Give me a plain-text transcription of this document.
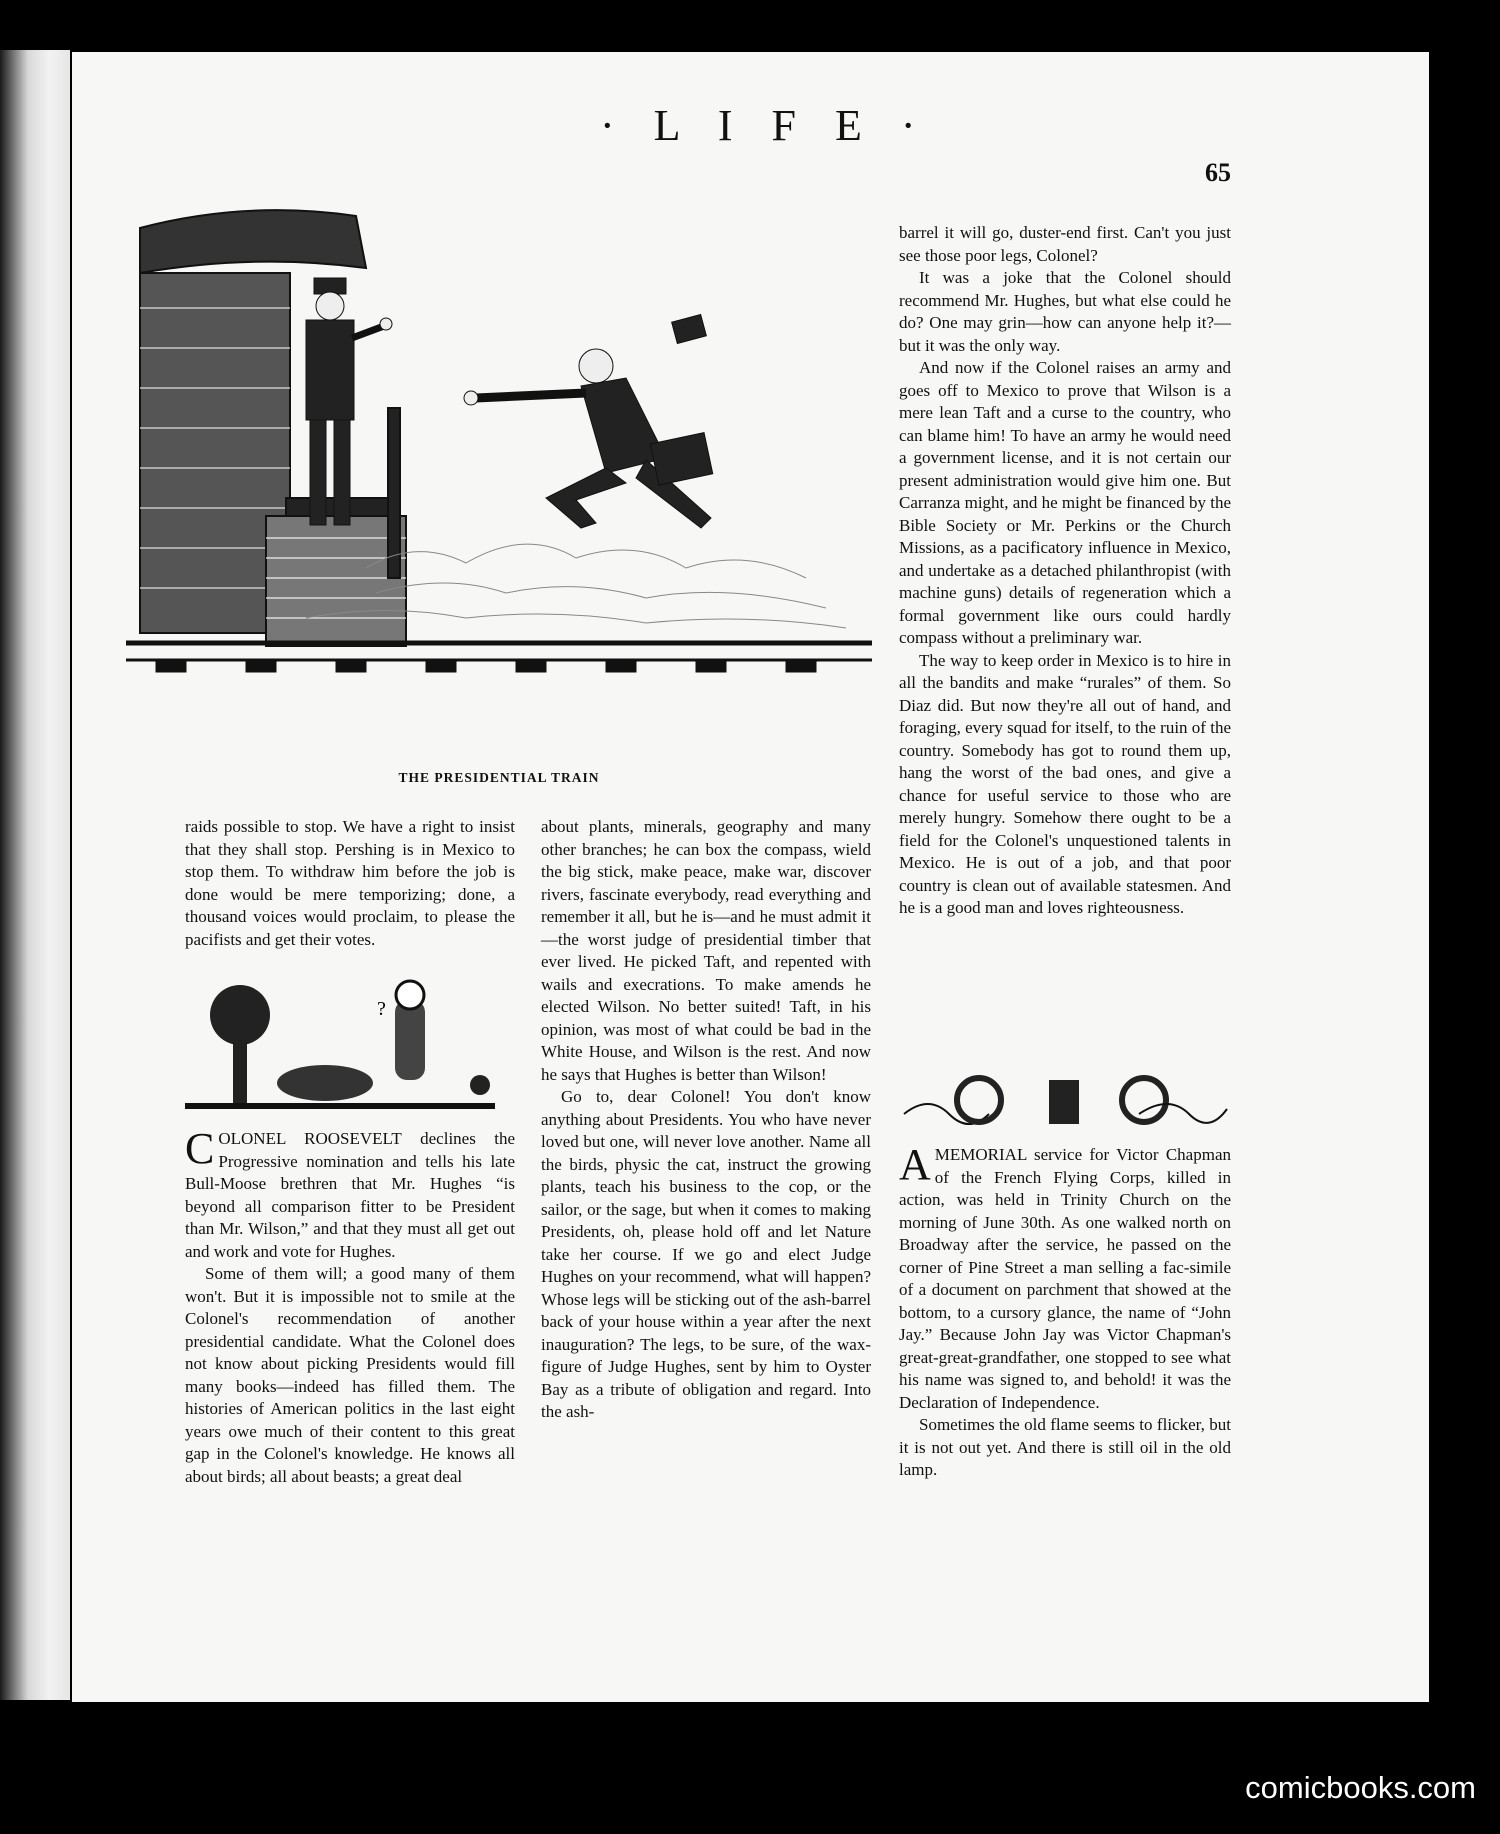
· L I F E ·
65
THE PRESIDENTIAL TRAIN

raids possible to stop. We have a right to insist that they shall stop. Pershing is in Mexico to stop them. To withdraw him before the job is done would be mere temporizing; done, a thousand voices would proclaim, to please the pacifists and get their votes.

?

COLONEL ROOSEVELT declines the Progressive nomination and tells his late Bull-Moose brethren that Mr. Hughes “is beyond all comparison fitter to be President than Mr. Wilson,” and that they must all get out and work and vote for Hughes.

Some of them will; a good many of them won't. But it is impossible not to smile at the Colonel's recommendation of another presidential candidate. What the Colonel does not know about picking Presidents would fill many books—indeed has filled them. The histories of American politics in the last eight years owe much of their content to this great gap in the Colonel's knowledge. He knows all about birds; all about beasts; a great deal

about plants, minerals, geography and many other branches; he can box the compass, wield the big stick, make peace, make war, discover rivers, fascinate everybody, read everything and remember it all, but he is—and he must admit it—the worst judge of presidential timber that ever lived. He picked Taft, and repented with wails and execrations. To make amends he elected Wilson. No better suited! Taft, in his opinion, was most of what could be bad in the White House, and Wilson is the rest. And now he says that Hughes is better than Wilson!

Go to, dear Colonel! You don't know anything about Presidents. You who have never loved but one, will never love another. Name all the birds, physic the cat, instruct the growing plants, teach his business to the cop, or the sailor, or the sage, but when it comes to making Presidents, oh, please hold off and let Nature take her course. If we go and elect Judge Hughes on your recommend, what will happen? Whose legs will be sticking out of the ash-barrel back of your house within a year after the next inauguration? The legs, to be sure, of the wax-figure of Judge Hughes, sent by him to Oyster Bay as a tribute of obligation and regard. Into the ash-

barrel it will go, duster-end first. Can't you just see those poor legs, Colonel?

It was a joke that the Colonel should recommend Mr. Hughes, but what else could he do? One may grin—how can anyone help it?—but it was the only way.

And now if the Colonel raises an army and goes off to Mexico to prove that Wilson is a mere lean Taft and a curse to the country, who can blame him! To have an army he would need a government license, and it is not certain our present administration would give him one. But Carranza might, and he might be financed by the Bible Society or Mr. Perkins or the Church Missions, as a pacificatory influence in Mexico, and undertake as a detached philanthropist (with machine guns) details of regeneration which a formal government like ours could hardly compass without a preliminary war.

The way to keep order in Mexico is to hire in all the bandits and make “rurales” of them. So Diaz did. But now they're all out of hand, and foraging, every squad for itself, to the ruin of the country. Somebody has got to round them up, hang the worst of the bad ones, and give a chance for useful service to those who are merely hungry. Somehow there ought to be a field for the Colonel's unquestioned talents in Mexico. He is out of a job, and that poor country is clean out of available statesmen. And he is a good man and loves righteousness.

AMEMORIAL service for Victor Chapman of the French Flying Corps, killed in action, was held in Trinity Church on the morning of June 30th. As one walked north on Broadway after the service, he passed on the corner of Pine Street a man selling a fac-simile of a document on parchment that showed at the bottom, to a cursory glance, the name of “John Jay.” Because John Jay was Victor Chapman's great-great-grandfather, one stopped to see what his name was signed to, and behold! it was the Declaration of Independence.

Sometimes the old flame seems to flicker, but it is not out yet. And there is still oil in the old lamp.

comicbooks.com
